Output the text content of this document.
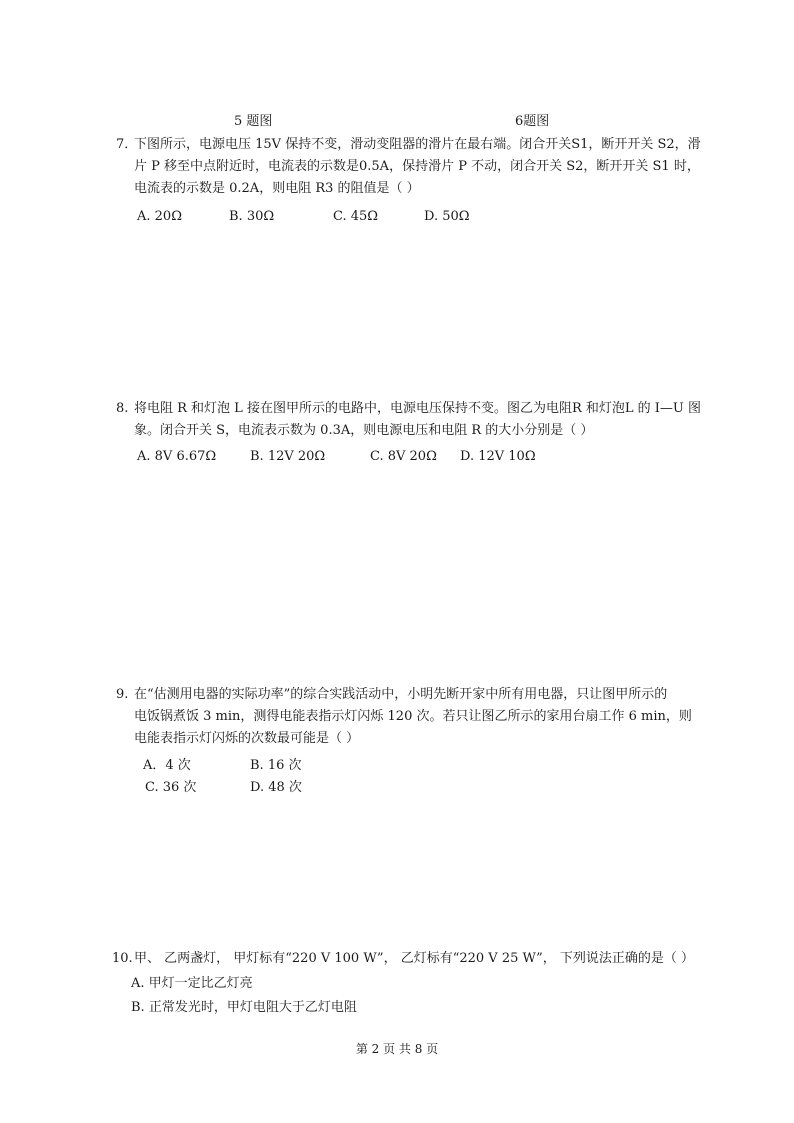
5 题图	6题图
7．
下图所示，电源电压 15V 保持不变，滑动变阻器的滑片在最右端。闭合开关S1，断开开关 S2，滑
片 P 移至中点附近时，电流表的示数是0.5A，保持滑片 P 不动，闭合开关 S2，断开开关 S1 时，
电流表的示数是 0.2A，则电阻 R3 的阻值是（ ）
A. 20Ω	B. 30Ω	C. 45Ω	D. 50Ω
8. 将电阻 R 和灯泡 L 接在图甲所示的电路中，电源电压保持不变。图乙为电阻R 和灯泡L 的 I—U 图
象。闭合开关 S，电流表示数为 0.3A，则电源电压和电阻 R 的大小分别是（ ）
A. 8V 6.67Ω	B. 12V 20Ω	C. 8V 20Ω D. 12V 10Ω
9. 在“估测用电器的实际功率”的综合实践活动中，小明先断开家中所有用电器，只让图甲所示的
电饭锅煮饭 3 min，测得电能表指示灯闪烁 120 次。若只让图乙所示的家用台扇工作 6 min，则
电能表指示灯闪烁的次数最可能是（ ）
A．4 次	B. 16 次
C. 36 次	D. 48 次
10. 甲、 乙两盏灯， 甲灯标有“220 V 100 W”， 乙灯标有“220 V 25 W”， 下列说法正确的是（ ）
A. 甲灯一定比乙灯亮
B. 正常发光时，甲灯电阻大于乙灯电阻
第 2 页 共 8 页
